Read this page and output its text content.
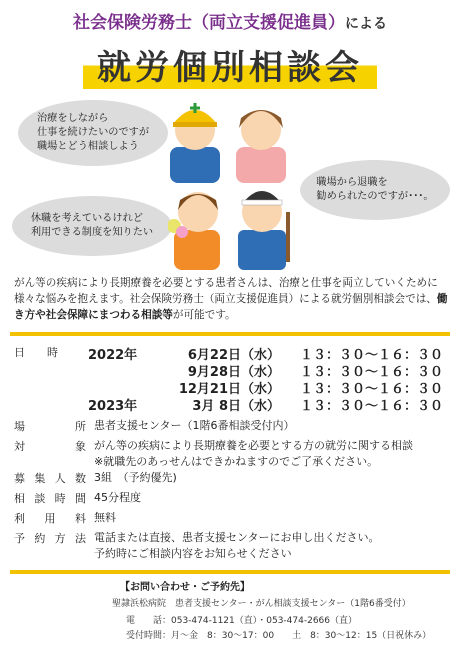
社会保険労務士（両立支援促進員）による
就労個別相談会
治療をしながら
仕事を続けたいのですが
職場とどう相談しよう
職場から退職を
勧められたのですが･･･。
休職を考えているけれど
利用できる制度を知りたい
がん等の疾病により長期療養を必要とする患者さんは、治療と仕事を両立していくために様々な悩みを抱えます。社会保険労務士（両立支援促進員）による就労個別相談会では、働き方や社会保障にまつわる相談等が可能です。
日　　時 2022年	6月22日（水） １３：３０～１６：３０
9月28日（水） １３：３０～１６：３０
12月21日（水） １３：３０～１６：３０
2023年	3月 8日（水） １３：３０～１６：３０
場	所 患者支援センター（1階6番相談受付内）
対	象 がん等の疾病により長期療養を必要とする方の就労に関する相談
※就職先のあっせんはできかねますのでご了承ください。
募 集 人 数 3組　（予約優先)
相 談 時 間 45分程度
利 用 料 無料
予 約 方 法 電話または直接、患者支援センターにお申し出ください。
予約時にご相談内容をお知らせください
【お問い合わせ・ご予約先】
聖隷浜松病院　患者支援センター・がん相談支援センター（1階6番受付）
電　　話：053-474-1121（直）・053-474-2666（直）
受付時間：月～金　8：30～17：00　　土　8：30～12：15（日祝休み）
